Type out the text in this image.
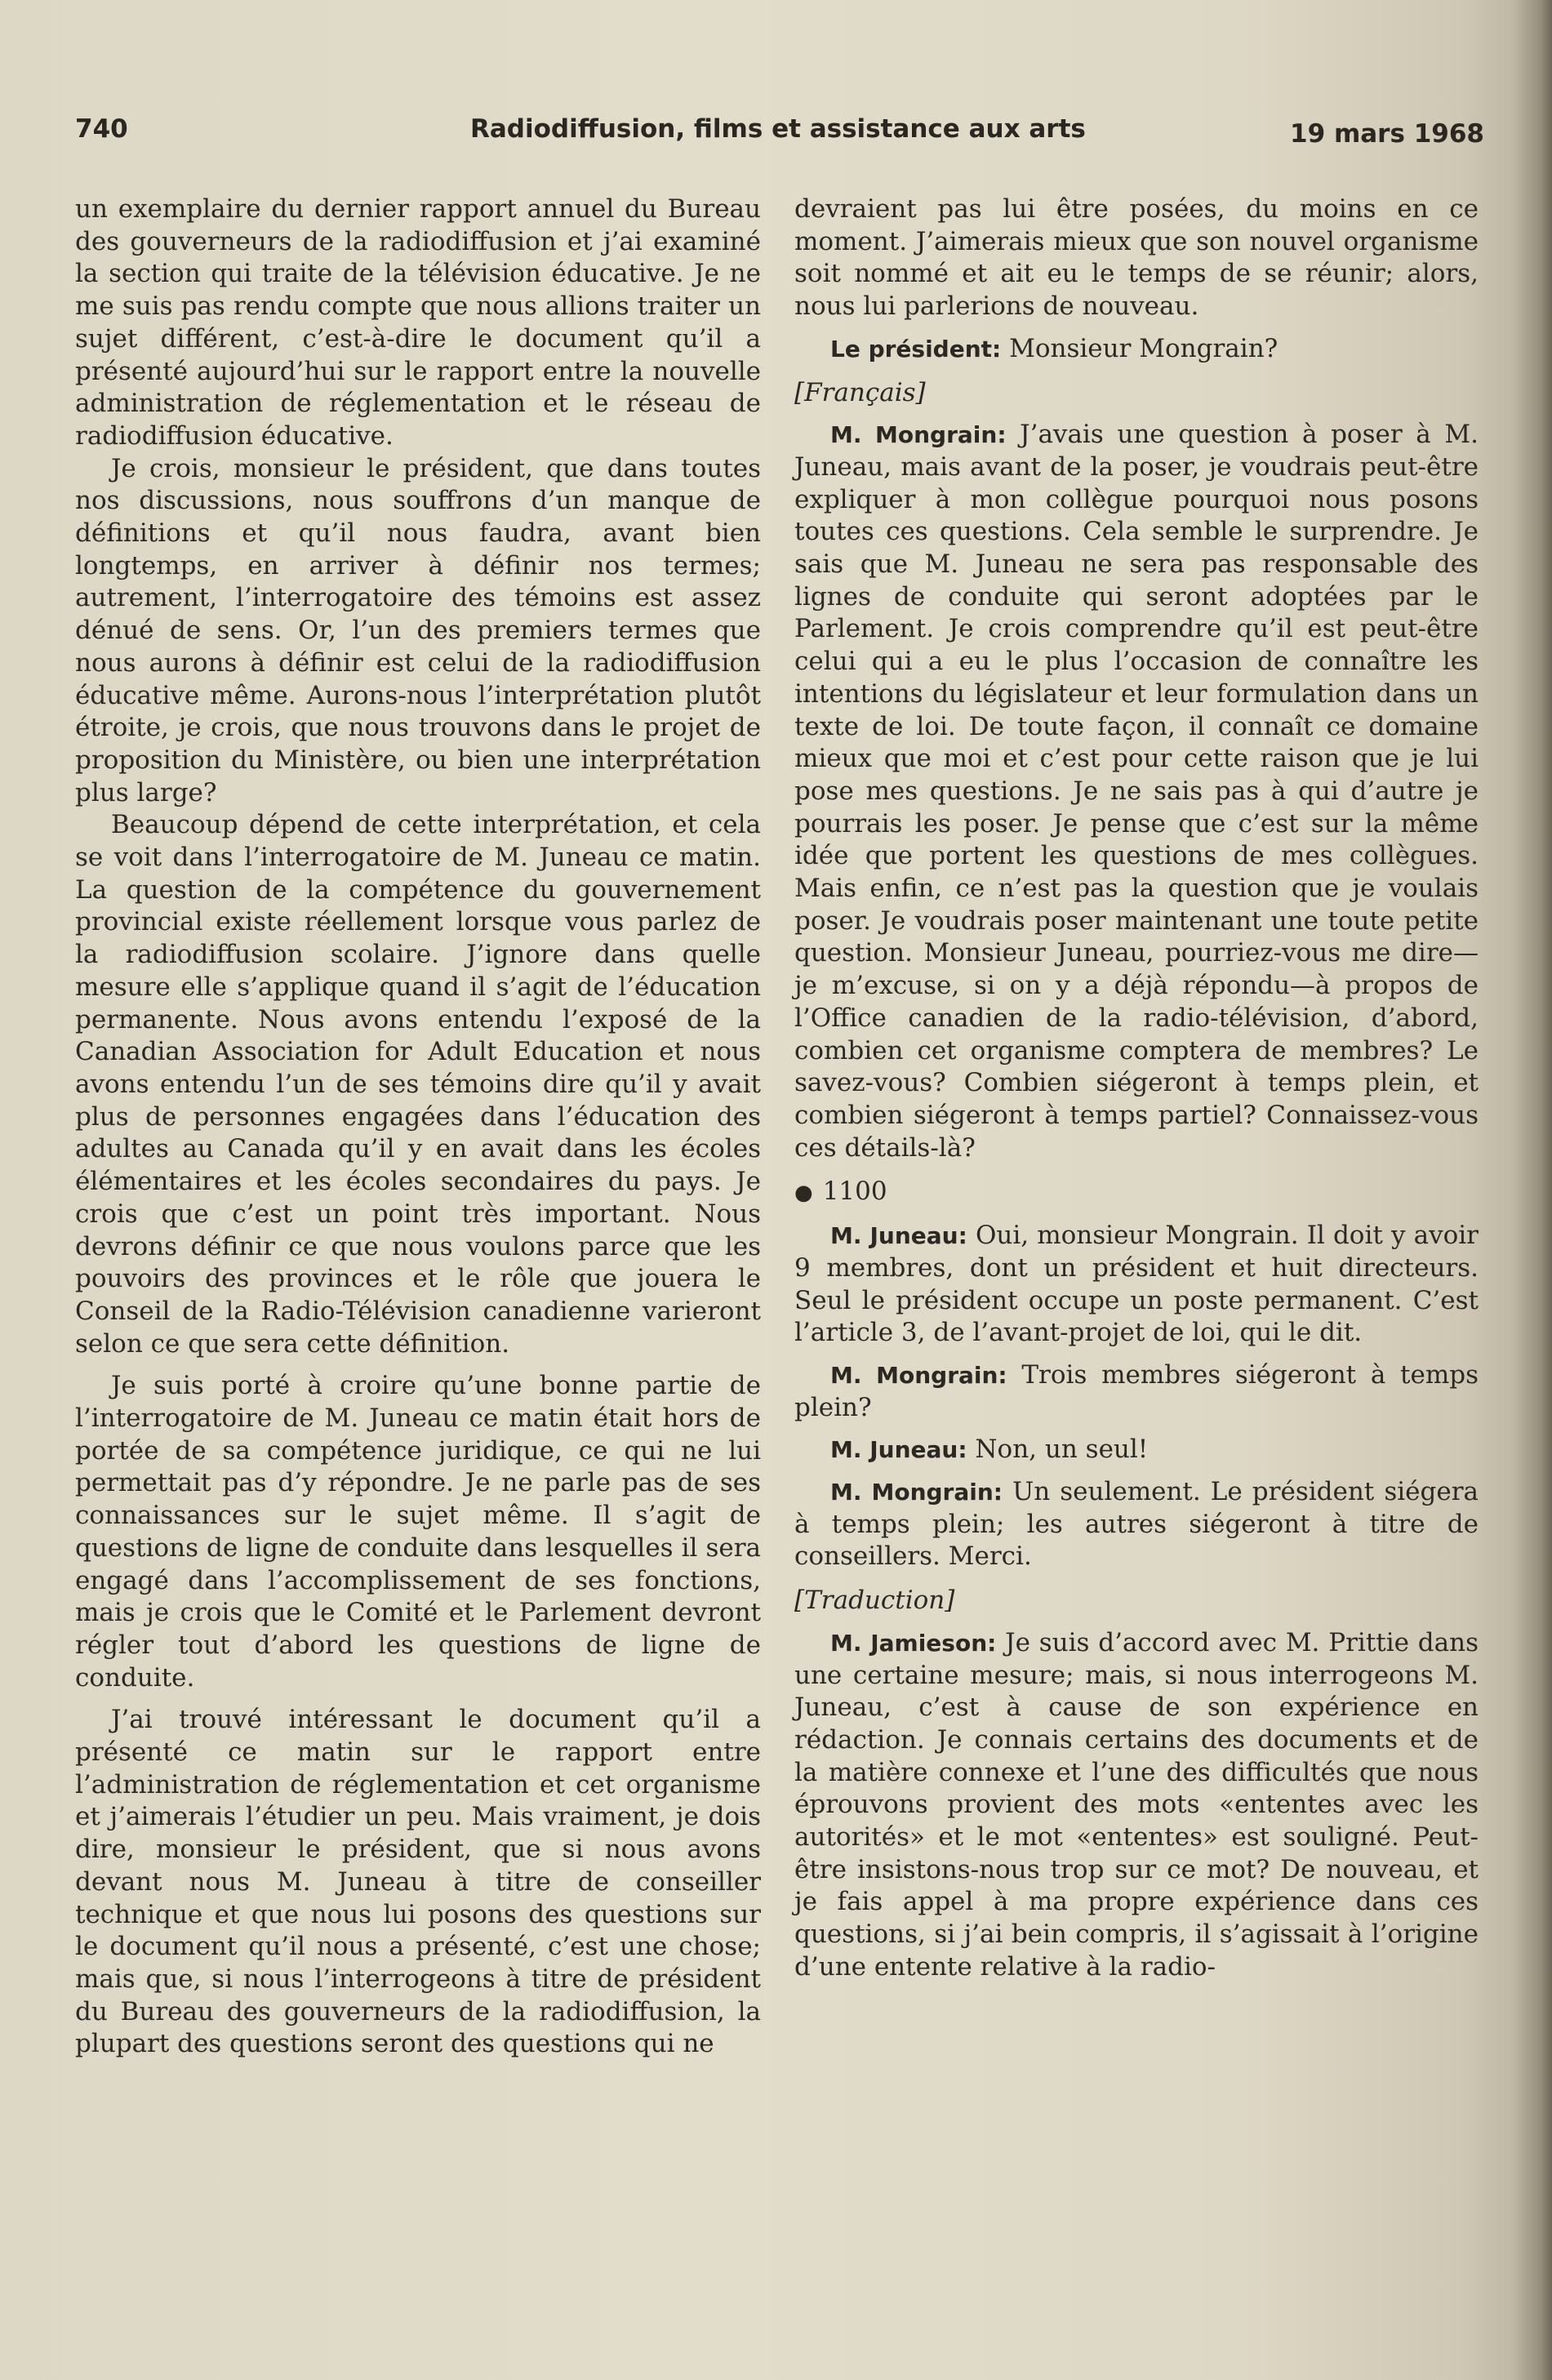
740	Radiodiffusion, films et assistance aux arts	19 mars 1968

un exemplaire du dernier rapport annuel du Bureau des gouverneurs de la radiodiffusion et j’ai examiné la section qui traite de la télévision éducative. Je ne me suis pas rendu compte que nous allions traiter un sujet différent, c’est-à-dire le document qu’il a présenté aujourd’hui sur le rapport entre la nouvelle administration de réglementation et le réseau de radiodiffusion éducative.

Je crois, monsieur le président, que dans toutes nos discussions, nous souffrons d’un manque de définitions et qu’il nous faudra, avant bien longtemps, en arriver à définir nos termes; autrement, l’interrogatoire des témoins est assez dénué de sens. Or, l’un des premiers termes que nous aurons à définir est celui de la radiodiffusion éducative même. Aurons-nous l’interprétation plutôt étroite, je crois, que nous trouvons dans le projet de proposition du Ministère, ou bien une interprétation plus large?

Beaucoup dépend de cette interprétation, et cela se voit dans l’interrogatoire de M. Juneau ce matin. La question de la compétence du gouvernement provincial existe réellement lorsque vous parlez de la radiodiffusion scolaire. J’ignore dans quelle mesure elle s’applique quand il s’agit de l’éducation permanente. Nous avons entendu l’exposé de la Canadian Association for Adult Education et nous avons entendu l’un de ses témoins dire qu’il y avait plus de personnes engagées dans l’éducation des adultes au Canada qu’il y en avait dans les écoles élémentaires et les écoles secondaires du pays. Je crois que c’est un point très important. Nous devrons définir ce que nous voulons parce que les pouvoirs des provinces et le rôle que jouera le Conseil de la Radio-Télévision canadienne varieront selon ce que sera cette définition.

Je suis porté à croire qu’une bonne partie de l’interrogatoire de M. Juneau ce matin était hors de portée de sa compétence juridique, ce qui ne lui permettait pas d’y répondre. Je ne parle pas de ses connaissances sur le sujet même. Il s’agit de questions de ligne de conduite dans lesquelles il sera engagé dans l’accomplissement de ses fonctions, mais je crois que le Comité et le Parlement devront régler tout d’abord les questions de ligne de conduite.

J’ai trouvé intéressant le document qu’il a présenté ce matin sur le rapport entre l’administration de réglementation et cet organisme et j’aimerais l’étudier un peu. Mais vraiment, je dois dire, monsieur le président, que si nous avons devant nous M. Juneau à titre de conseiller technique et que nous lui posons des questions sur le document qu’il nous a présenté, c’est une chose; mais que, si nous l’interrogeons à titre de président du Bureau des gouverneurs de la radiodiffusion, la plupart des questions seront des questions qui ne

devraient pas lui être posées, du moins en ce moment. J’aimerais mieux que son nouvel organisme soit nommé et ait eu le temps de se réunir; alors, nous lui parlerions de nouveau.

Le président: Monsieur Mongrain?

[Français]

M. Mongrain: J’avais une question à poser à M. Juneau, mais avant de la poser, je voudrais peut-être expliquer à mon collègue pourquoi nous posons toutes ces questions. Cela semble le surprendre. Je sais que M. Juneau ne sera pas responsable des lignes de conduite qui seront adoptées par le Parlement. Je crois comprendre qu’il est peut-être celui qui a eu le plus l’occasion de connaître les intentions du législateur et leur formulation dans un texte de loi. De toute façon, il connaît ce domaine mieux que moi et c’est pour cette raison que je lui pose mes questions. Je ne sais pas à qui d’autre je pourrais les poser. Je pense que c’est sur la même idée que portent les questions de mes collègues. Mais enfin, ce n’est pas la question que je voulais poser. Je voudrais poser maintenant une toute petite question. Monsieur Juneau, pourriez-vous me dire—je m’excuse, si on y a déjà répondu—à propos de l’Office canadien de la radio-télévision, d’abord, combien cet organisme comptera de membres? Le savez-vous? Combien siégeront à temps plein, et combien siégeront à temps partiel? Connaissez-vous ces détails-là?

● 1100

M. Juneau: Oui, monsieur Mongrain. Il doit y avoir 9 membres, dont un président et huit directeurs. Seul le président occupe un poste permanent. C’est l’article 3, de l’avant-projet de loi, qui le dit.

M. Mongrain: Trois membres siégeront à temps plein?

M. Juneau: Non, un seul!

M. Mongrain: Un seulement. Le président siégera à temps plein; les autres siégeront à titre de conseillers. Merci.

[Traduction]

M. Jamieson: Je suis d’accord avec M. Prittie dans une certaine mesure; mais, si nous interrogeons M. Juneau, c’est à cause de son expérience en rédaction. Je connais certains des documents et de la matière connexe et l’une des difficultés que nous éprouvons provient des mots «ententes avec les autorités» et le mot «ententes» est souligné. Peut-être insistons-nous trop sur ce mot? De nouveau, et je fais appel à ma propre expérience dans ces questions, si j’ai bein compris, il s’agissait à l’origine d’une entente relative à la radio-
